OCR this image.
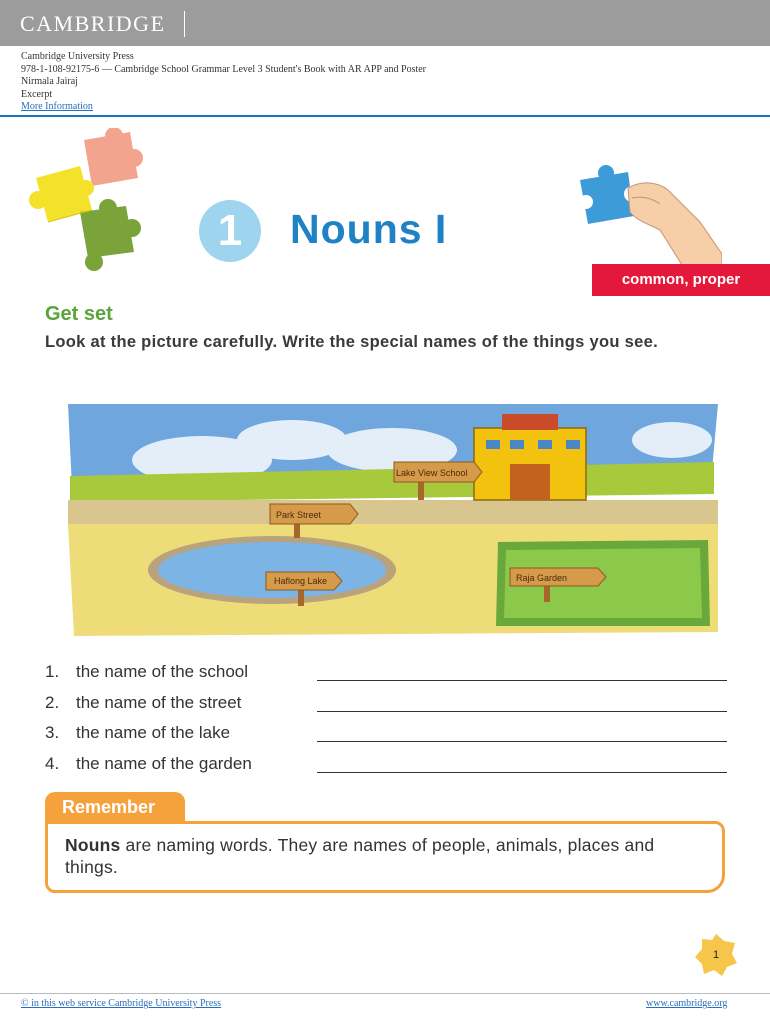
CAMBRIDGE
Cambridge University Press
978-1-108-92175-6 — Cambridge School Grammar Level 3 Student's Book with AR APP and Poster
Nirmala Jairaj
Excerpt
More Information
1	Nouns I
common, proper
Get set
Look at the picture carefully. Write the special names of the things you see.
Lake View School
Park Street
Haflong Lake	Raja Garden
1. the name of the school
2. the name of the street
3. the name of the lake
4. the name of the garden
Nouns are naming words. They are names of people, animals, places and things.
Remember
1
© in this web service Cambridge University Press	www.cambridge.org
